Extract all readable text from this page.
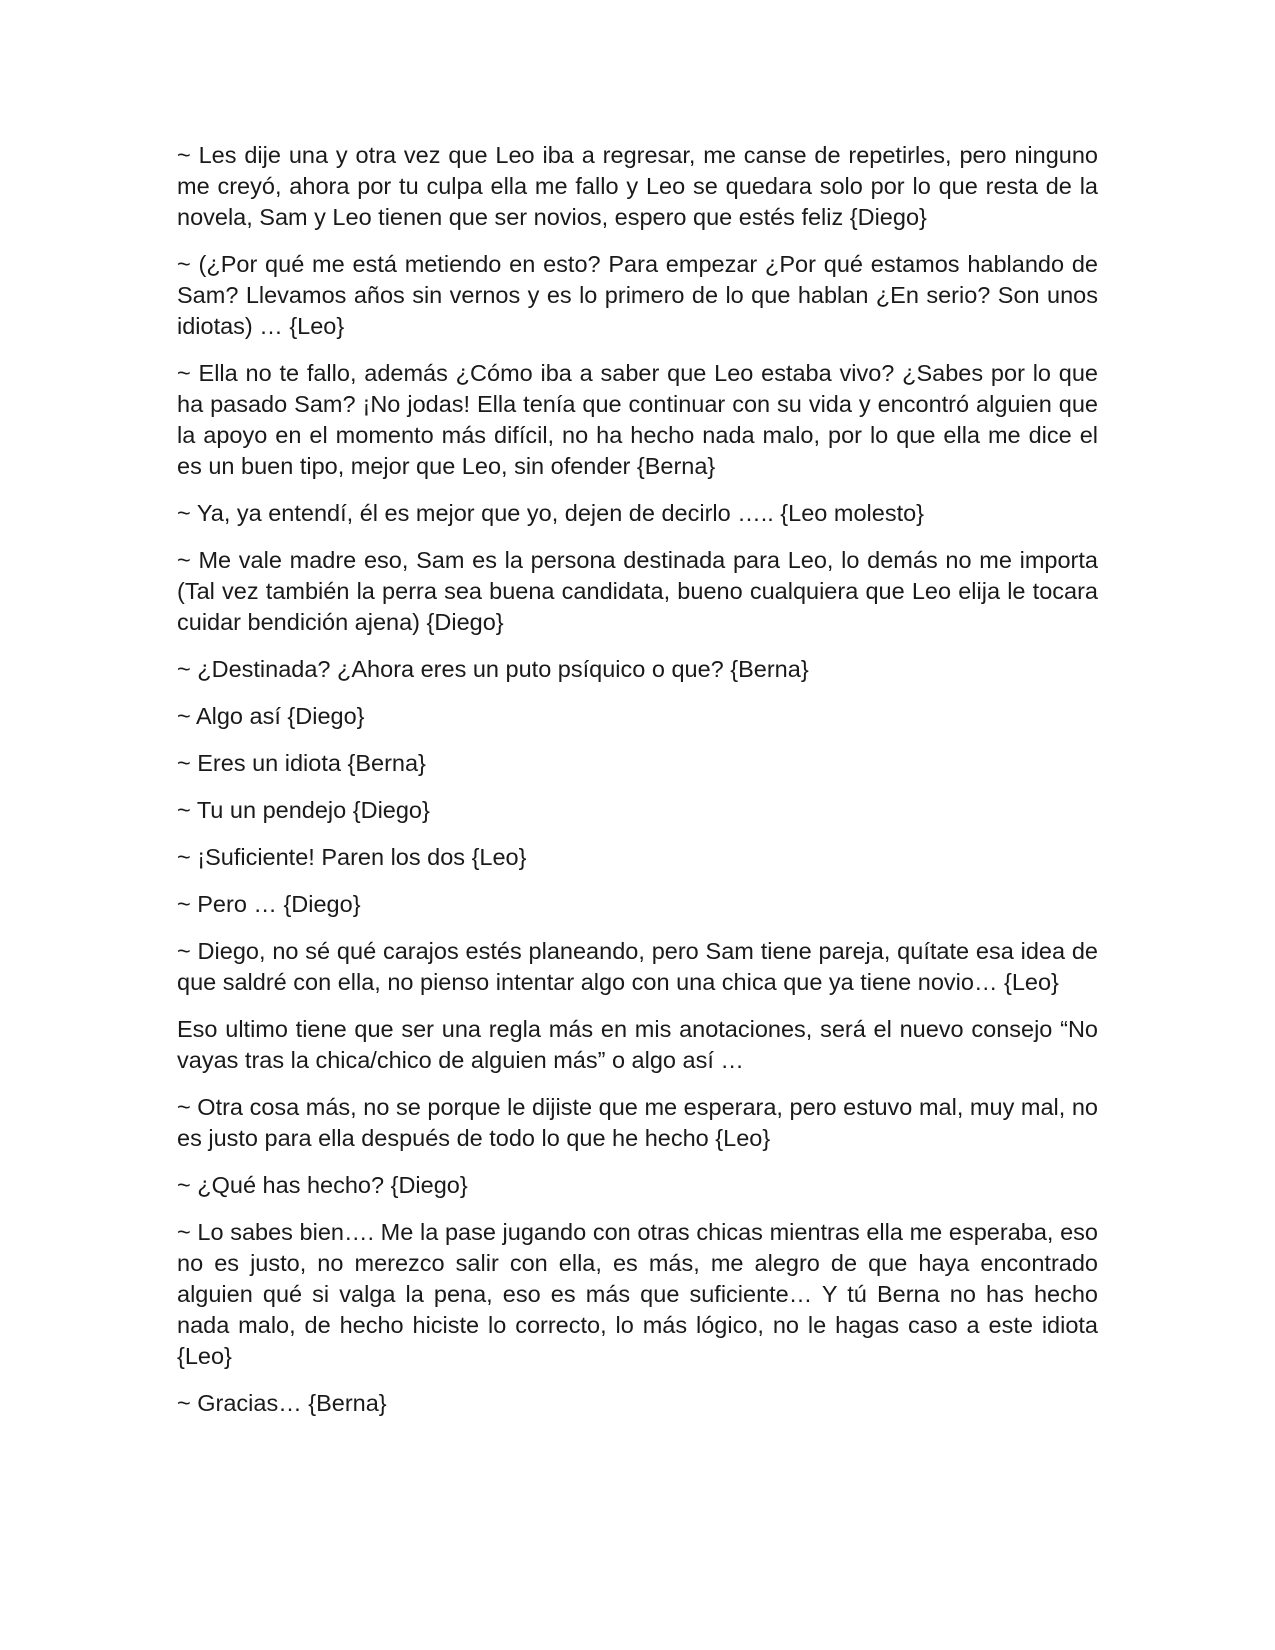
~ Les dije una y otra vez que Leo iba a regresar, me canse de repetirles, pero ninguno me creyó, ahora por tu culpa ella me fallo y Leo se quedara solo por lo que resta de la novela, Sam y Leo tienen que ser novios, espero que estés feliz {Diego}

~ (¿Por qué me está metiendo en esto? Para empezar ¿Por qué estamos hablando de Sam? Llevamos años sin vernos y es lo primero de lo que hablan ¿En serio? Son unos idiotas) … {Leo}

~ Ella no te fallo, además ¿Cómo iba a saber que Leo estaba vivo? ¿Sabes por lo que ha pasado Sam? ¡No jodas! Ella tenía que continuar con su vida y encontró alguien que la apoyo en el momento más difícil, no ha hecho nada malo, por lo que ella me dice el es un buen tipo, mejor que Leo, sin ofender {Berna}

~ Ya, ya entendí, él es mejor que yo, dejen de decirlo ….. {Leo molesto}

~ Me vale madre eso, Sam es la persona destinada para Leo, lo demás no me importa (Tal vez también la perra sea buena candidata, bueno cualquiera que Leo elija le tocara cuidar bendición ajena) {Diego}

~ ¿Destinada? ¿Ahora eres un puto psíquico o que? {Berna}

~ Algo así {Diego}

~ Eres un idiota {Berna}

~ Tu un pendejo {Diego}

~ ¡Suficiente! Paren los dos {Leo}

~ Pero … {Diego}

~ Diego, no sé qué carajos estés planeando, pero Sam tiene pareja, quítate esa idea de que saldré con ella, no pienso intentar algo con una chica que ya tiene novio… {Leo}

Eso ultimo tiene que ser una regla más en mis anotaciones, será el nuevo consejo “No vayas tras la chica/chico de alguien más” o algo así …

~ Otra cosa más, no se porque le dijiste que me esperara, pero estuvo mal, muy mal, no es justo para ella después de todo lo que he hecho {Leo}

~ ¿Qué has hecho? {Diego}

~ Lo sabes bien…. Me la pase jugando con otras chicas mientras ella me esperaba, eso no es justo, no merezco salir con ella, es más, me alegro de que haya encontrado alguien qué si valga la pena, eso es más que suficiente… Y tú Berna no has hecho nada malo, de hecho hiciste lo correcto, lo más lógico, no le hagas caso a este idiota {Leo}

~ Gracias… {Berna}
